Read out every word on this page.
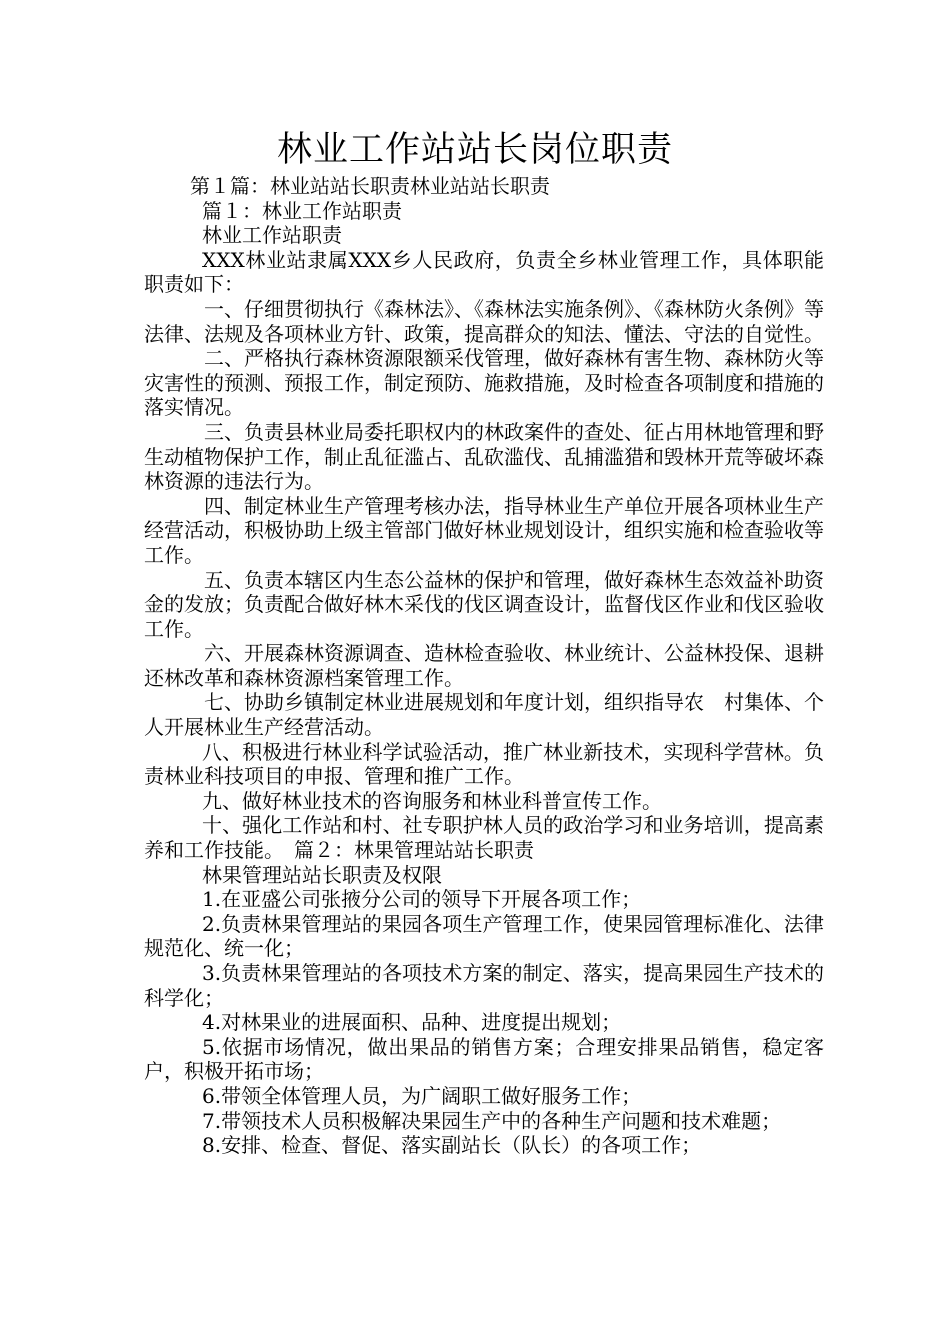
林业工作站站长岗位职责

第１篇：林业站站长职责林业站站长职责

篇１：林业工作站职责

林业工作站职责

XXX林业站隶属XXX乡人民政府，负责全乡林业管理工作，具体职能职责如下：

一、仔细贯彻执行《森林法》、《森林法实施条例》、《森林防火条例》等法律、法规及各项林业方针、政策，提高群众的知法、懂法、守法的自觉性。

二、严格执行森林资源限额采伐管理，做好森林有害生物、森林防火等灾害性的预测、预报工作，制定预防、施救措施，及时检查各项制度和措施的落实情况。

三、负责县林业局委托职权内的林政案件的查处、征占用林地管理和野生动植物保护工作，制止乱征滥占、乱砍滥伐、乱捕滥猎和毁林开荒等破坏森林资源的违法行为。

四、制定林业生产管理考核办法，指导林业生产单位开展各项林业生产经营活动，积极协助上级主管部门做好林业规划设计，组织实施和检查验收等工作。

五、负责本辖区内生态公益林的保护和管理，做好森林生态效益补助资金的发放；负责配合做好林木采伐的伐区调查设计，监督伐区作业和伐区验收工作。

六、开展森林资源调查、造林检查验收、林业统计、公益林投保、退耕还林改革和森林资源档案管理工作。

七、协助乡镇制定林业进展规划和年度计划，组织指导农　村集体、个人开展林业生产经营活动。

八、积极进行林业科学试验活动，推广林业新技术，实现科学营林。负责林业科技项目的申报、管理和推广工作。

九、做好林业技术的咨询服务和林业科普宣传工作。

十、强化工作站和村、社专职护林人员的政治学习和业务培训，提高素养和工作技能。　篇２：林果管理站站长职责

林果管理站站长职责及权限

1.在亚盛公司张掖分公司的领导下开展各项工作；

2.负责林果管理站的果园各项生产管理工作，使果园管理标准化、法律规范化、统一化；

3.负责林果管理站的各项技术方案的制定、落实，提高果园生产技术的科学化；

4.对林果业的进展面积、品种、进度提出规划；

5.依据市场情况，做出果品的销售方案；合理安排果品销售，稳定客户，积极开拓市场；

6.带领全体管理人员，为广阔职工做好服务工作；

7.带领技术人员积极解决果园生产中的各种生产问题和技术难题；

8.安排、检查、督促、落实副站长（队长）的各项工作；
